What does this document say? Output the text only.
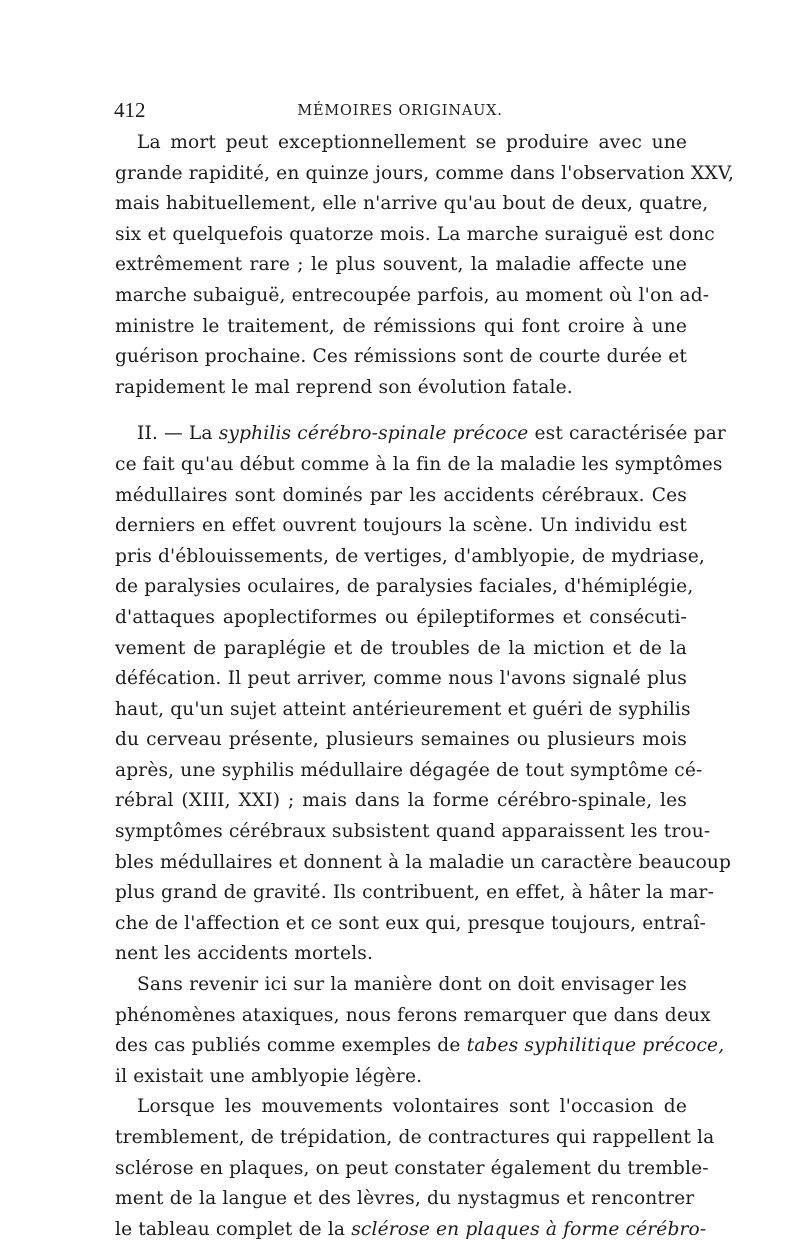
412	MÉMOIRES ORIGINAUX.
La mort peut exceptionnellement se produire avec une
grande rapidité, en quinze jours, comme dans l'observation XXV,
mais habituellement, elle n'arrive qu'au bout de deux, quatre,
six et quelquefois quatorze mois. La marche suraiguë est donc
extrêmement rare ; le plus souvent, la maladie affecte une
marche subaiguë, entrecoupée parfois, au moment où l'on ad-
ministre le traitement, de rémissions qui font croire à une
guérison prochaine. Ces rémissions sont de courte durée et
rapidement le mal reprend son évolution fatale.
II. — La syphilis cérébro-spinale précoce est caractérisée par
ce fait qu'au début comme à la fin de la maladie les symptômes
médullaires sont dominés par les accidents cérébraux. Ces
derniers en effet ouvrent toujours la scène. Un individu est
pris d'éblouissements, de vertiges, d'amblyopie, de mydriase,
de paralysies oculaires, de paralysies faciales, d'hémiplégie,
d'attaques apoplectiformes ou épileptiformes et consécuti-
vement de paraplégie et de troubles de la miction et de la
défécation. Il peut arriver, comme nous l'avons signalé plus
haut, qu'un sujet atteint antérieurement et guéri de syphilis
du cerveau présente, plusieurs semaines ou plusieurs mois
après, une syphilis médullaire dégagée de tout symptôme cé-
rébral (XIII, XXI) ; mais dans la forme cérébro-spinale, les
symptômes cérébraux subsistent quand apparaissent les trou-
bles médullaires et donnent à la maladie un caractère beaucoup
plus grand de gravité. Ils contribuent, en effet, à hâter la mar-
che de l'affection et ce sont eux qui, presque toujours, entraî-
nent les accidents mortels.
Sans revenir ici sur la manière dont on doit envisager les
phénomènes ataxiques, nous ferons remarquer que dans deux
des cas publiés comme exemples de tabes syphilitique précoce,
il existait une amblyopie légère.
Lorsque les mouvements volontaires sont l'occasion de
tremblement, de trépidation, de contractures qui rappellent la
sclérose en plaques, on peut constater également du tremble-
ment de la langue et des lèvres, du nystagmus et rencontrer
le tableau complet de la sclérose en plaques à forme cérébro-
